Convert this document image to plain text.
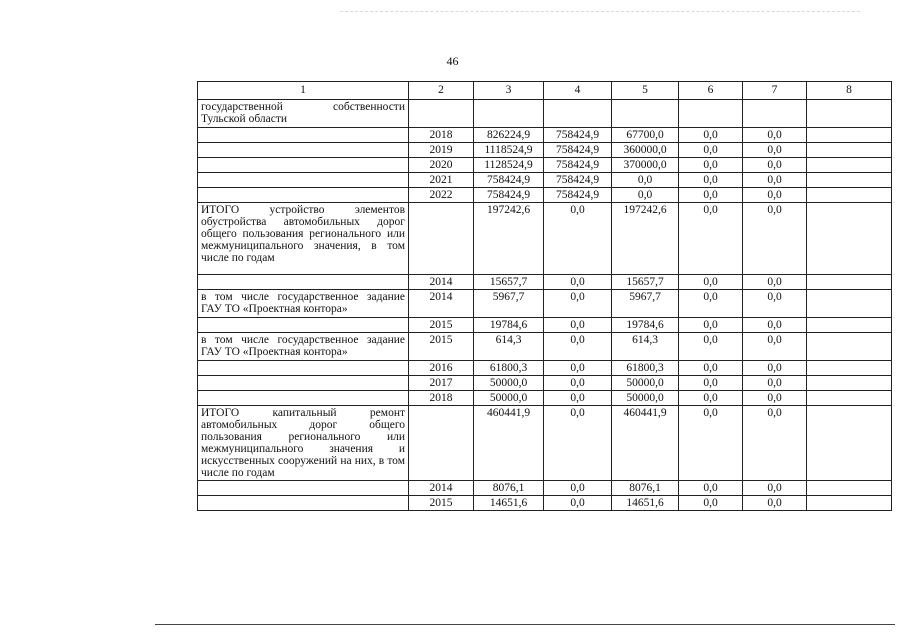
46
1	2	3	4	5	6	7	8
государственной собственности Тульской области							
	2018	826224,9	758424,9	67700,0	0,0	0,0	
	2019	1118524,9	758424,9	360000,0	0,0	0,0	
	2020	1128524,9	758424,9	370000,0	0,0	0,0	
	2021	758424,9	758424,9	0,0	0,0	0,0	
	2022	758424,9	758424,9	0,0	0,0	0,0	
ИТОГО устройство элементов обустройства автомобильных дорог общего пользования регионального или межмуниципального значения, в том числе по годам		197242,6	0,0	197242,6	0,0	0,0	
	2014	15657,7	0,0	15657,7	0,0	0,0	
в том числе государственное задание ГАУ ТО «Проектная контора»	2014	5967,7	0,0	5967,7	0,0	0,0	
	2015	19784,6	0,0	19784,6	0,0	0,0	
в том числе государственное задание ГАУ ТО «Проектная контора»	2015	614,3	0,0	614,3	0,0	0,0	
	2016	61800,3	0,0	61800,3	0,0	0,0	
	2017	50000,0	0,0	50000,0	0,0	0,0	
	2018	50000,0	0,0	50000,0	0,0	0,0	
ИТОГО капитальный ремонт автомобильных дорог общего пользования регионального или межмуниципального значения и искусственных сооружений на них, в том числе по годам		460441,9	0,0	460441,9	0,0	0,0	
	2014	8076,1	0,0	8076,1	0,0	0,0	
	2015	14651,6	0,0	14651,6	0,0	0,0	
